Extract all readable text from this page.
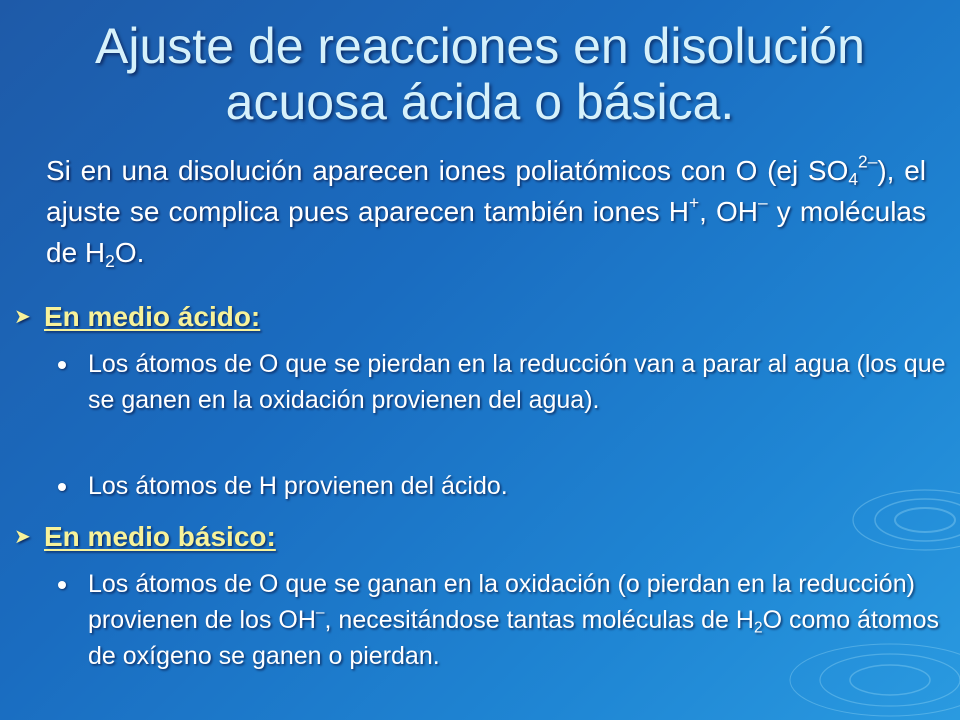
Ajuste de reacciones en disolución
acuosa ácida o básica.
Si en una disolución aparecen iones poliatómicos con O (ej $SO_4^{2-}$), el ajuste se complica pues aparecen también iones H+, OH– y moléculas de $H_2O$.
➤ En medio ácido:
Los átomos de O que se pierdan en la reducción van a parar al agua (los que se ganen en la oxidación provienen del agua).
Los átomos de H provienen del ácido.
➤ En medio básico:
Los átomos de O que se ganan en la oxidación (o pierdan en la reducción) provienen de los OH–, necesitándose tantas moléculas de $H_2O$ como átomos de oxígeno se ganen o pierdan.
